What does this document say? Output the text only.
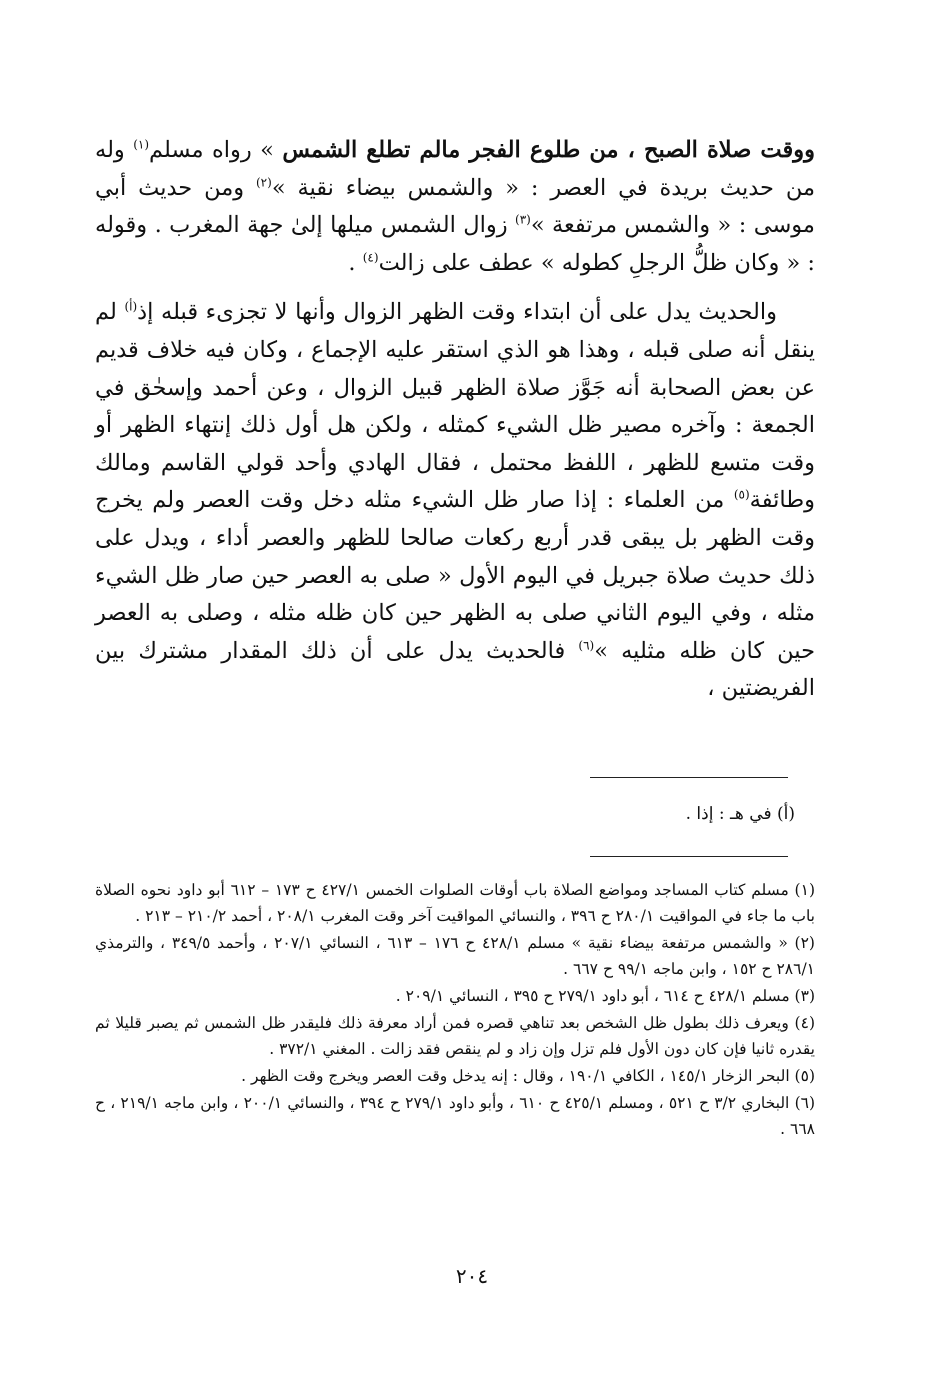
ووقت صلاة الصبح ، من طلوع الفجر مالم تطلع الشمس » رواه مسلم$^{(١)}$ وله من حديث بريدة في العصر : « والشمس بيضاء نقية »$^{(٢)}$ ومن حديث أبي موسى : « والشمس مرتفعة »$^{(٣)}$ زوال الشمس ميلها إلىٰ جهة المغرب . وقوله : « وكان ظلُّ الرجلِ كطوله » عطف على زالت$^{(٤)}$ .

والحديث يدل على أن ابتداء وقت الظهر الزوال وأنها لا تجزىء قبله إذ$^{(أ)}$ لم ينقل أنه صلى قبله ، وهذا هو الذي استقر عليه الإجماع ، وكان فيه خلاف قديم عن بعض الصحابة أنه جَوَّز صلاة الظهر قبيل الزوال ، وعن أحمد وإسحٰق في الجمعة : وآخره مصير ظل الشيء كمثله ، ولكن هل أول ذلك إنتهاء الظهر أو وقت متسع للظهر ، اللفظ محتمل ، فقال الهادي وأحد قولي القاسم ومالك وطائفة$^{(٥)}$ من العلماء : إذا صار ظل الشيء مثله دخل وقت العصر ولم يخرج وقت الظهر بل يبقى قدر أربع ركعات صالحا للظهر والعصر أداء ، ويدل على ذلك حديث صلاة جبريل في اليوم الأول « صلى به العصر حين صار ظل الشيء مثله ، وفي اليوم الثاني صلى به الظهر حين كان ظله مثله ، وصلى به العصر حين كان ظله مثليه »$^{(٦)}$ فالحديث يدل على أن ذلك المقدار مشترك بين الفريضتين ،

(أ) في هـ : إذا .

(١) مسلم كتاب المساجد ومواضع الصلاة باب أوقات الصلوات الخمس ٤٢٧/١ ح ١٧٣ – ٦١٢ أبو داود نحوه الصلاة باب ما جاء في المواقيت ٢٨٠/١ ح ٣٩٦ ، والنسائي المواقيت آخر وقت المغرب ٢٠٨/١ ، أحمد ٢١٠/٢ – ٢١٣ .

(٢) « والشمس مرتفعة بيضاء نقية » مسلم ٤٢٨/١ ح ١٧٦ – ٦١٣ ، النسائي ٢٠٧/١ ، وأحمد ٣٤٩/٥ ، والترمذي ٢٨٦/١ ح ١٥٢ ، وابن ماجه ٩٩/١ ح ٦٦٧ .

(٣) مسلم ٤٢٨/١ ح ٦١٤ ، أبو داود ٢٧٩/١ ح ٣٩٥ ، النسائي ٢٠٩/١ .

(٤) ويعرف ذلك بطول ظل الشخص بعد تناهي قصره فمن أراد معرفة ذلك فليقدر ظل الشمس ثم يصبر قليلا ثم يقدره ثانيا فإن كان دون الأول فلم تزل وإن زاد و لم ينقص فقد زالت . المغني ٣٧٢/١ .

(٥) البحر الزخار ١٤٥/١ ، الكافي ١٩٠/١ ، وقال : إنه يدخل وقت العصر ويخرج وقت الظهر .

(٦) البخاري ٣/٢ ح ٥٢١ ، ومسلم ٤٢٥/١ ح ٦١٠ ، وأبو داود ٢٧٩/١ ح ٣٩٤ ، والنسائي ٢٠٠/١ ، وابن ماجه ٢١٩/١ ، ح ٦٦٨ .

٢٠٤
